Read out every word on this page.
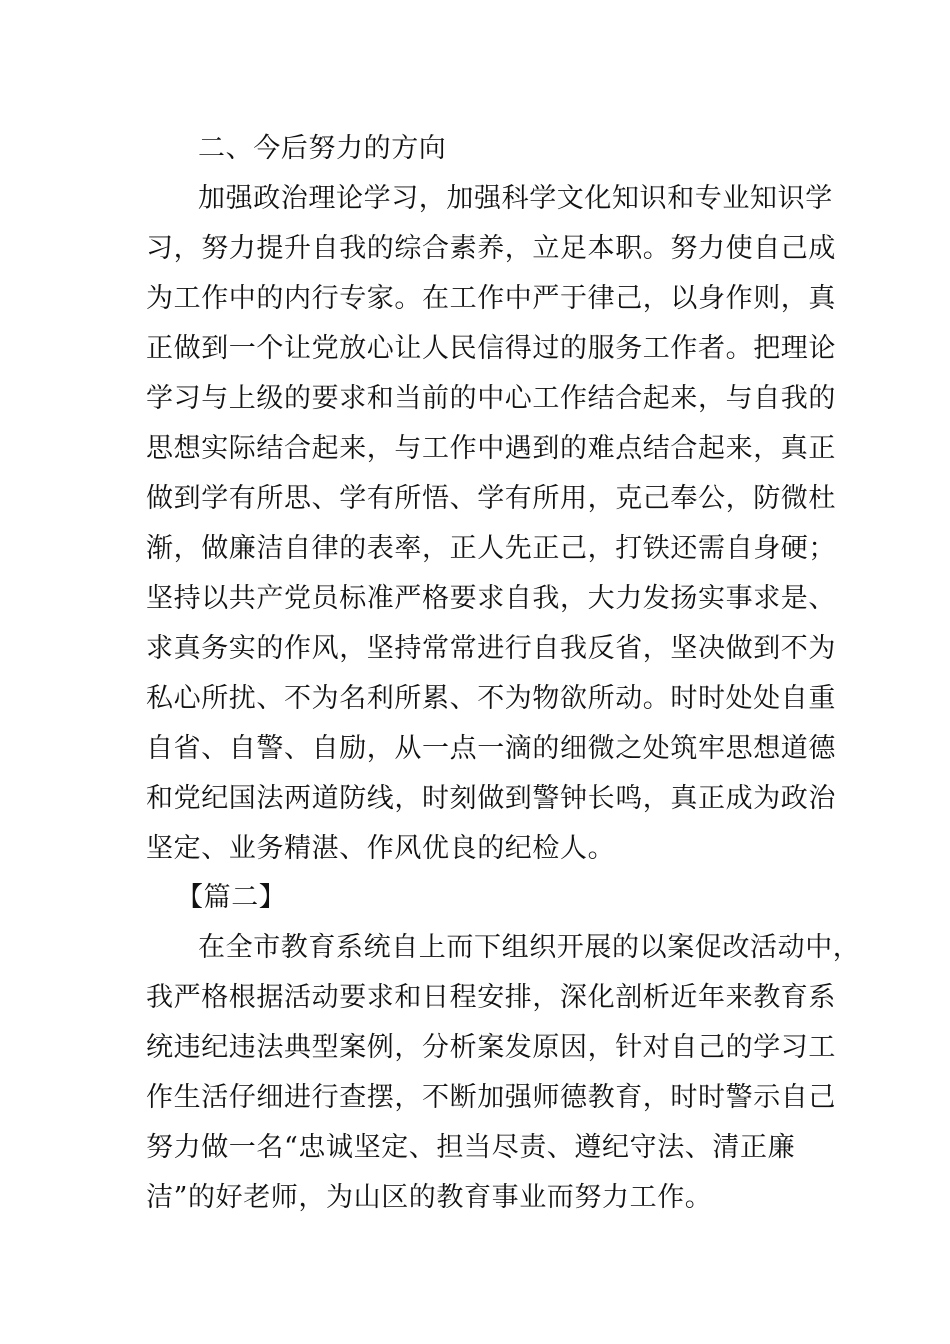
二、今后努力的方向
加强政治理论学习，加强科学文化知识和专业知识学
习，努力提升自我的综合素养，立足本职。努力使自己成
为工作中的内行专家。在工作中严于律己，以身作则，真
正做到一个让党放心让人民信得过的服务工作者。把理论
学习与上级的要求和当前的中心工作结合起来，与自我的
思想实际结合起来，与工作中遇到的难点结合起来，真正
做到学有所思、学有所悟、学有所用，克己奉公，防微杜
渐，做廉洁自律的表率，正人先正己，打铁还需自身硬；
坚持以共产党员标准严格要求自我，大力发扬实事求是、
求真务实的作风，坚持常常进行自我反省，坚决做到不为
私心所扰、不为名利所累、不为物欲所动。时时处处自重
自省、自警、自励，从一点一滴的细微之处筑牢思想道德
和党纪国法两道防线，时刻做到警钟长鸣，真正成为政治
坚定、业务精湛、作风优良的纪检人。
【篇二】
在全市教育系统自上而下组织开展的以案促改活动中，
我严格根据活动要求和日程安排，深化剖析近年来教育系
统违纪违法典型案例，分析案发原因，针对自己的学习工
作生活仔细进行查摆，不断加强师德教育，时时警示自己
努力做一名“忠诚坚定、担当尽责、遵纪守法、清正廉
洁”的好老师，为山区的教育事业而努力工作。
